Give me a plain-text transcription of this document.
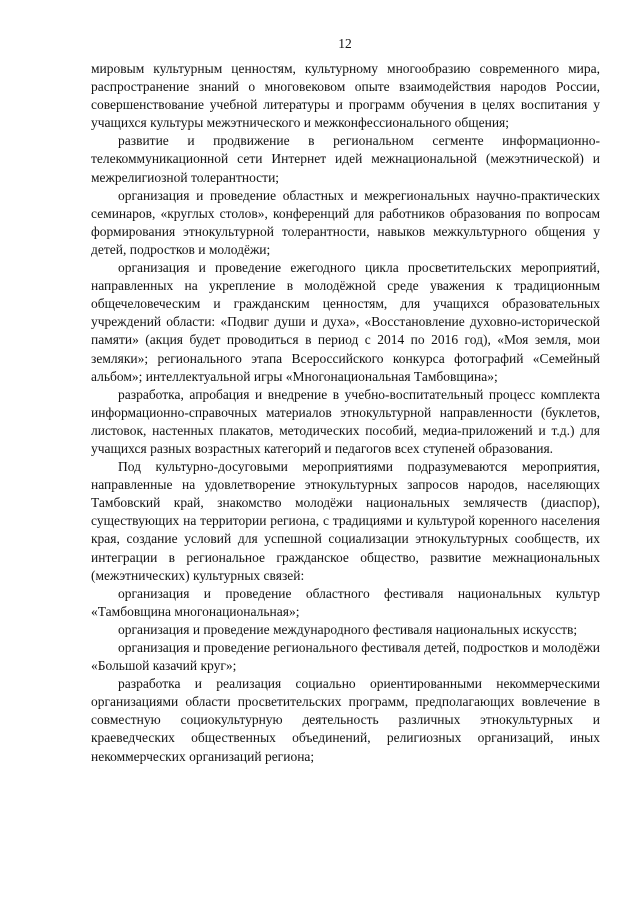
12

мировым культурным ценностям, культурному многообразию современного мира, распространение знаний о многовековом опыте взаимодействия народов России, совершенствование учебной литературы и программ обучения в целях воспитания у учащихся культуры межэтнического и межконфессионального общения;

развитие и продвижение в региональном сегменте информационно-телекоммуникационной сети Интернет идей межнациональной (межэтнической) и межрелигиозной толерантности;

организация и проведение областных и межрегиональных научно-практических семинаров, «круглых столов», конференций для работников образования по вопросам формирования этнокультурной толерантности, навыков межкультурного общения у детей, подростков и молодёжи;

организация и проведение ежегодного цикла просветительских мероприятий, направленных на укрепление в молодёжной среде уважения к традиционным общечеловеческим и гражданским ценностям, для учащихся образовательных учреждений области: «Подвиг души и духа», «Восстановление духовно-исторической памяти» (акция будет проводиться в период с 2014 по 2016 год), «Моя земля, мои земляки»; регионального этапа Всероссийского конкурса фотографий «Семейный альбом»; интеллектуальной игры «Многонациональная Тамбовщина»;

разработка, апробация и внедрение в учебно-воспитательный процесс комплекта информационно-справочных материалов этнокультурной направленности (буклетов, листовок, настенных плакатов, методических пособий, медиа-приложений и т.д.) для учащихся разных возрастных категорий и педагогов всех ступеней образования.

Под культурно-досуговыми мероприятиями подразумеваются мероприятия, направленные на удовлетворение этнокультурных запросов народов, населяющих Тамбовский край, знакомство молодёжи национальных землячеств (диаспор), существующих на территории региона, с традициями и культурой коренного населения края, создание условий для успешной социализации этнокультурных сообществ, их интеграции в региональное гражданское общество, развитие межнациональных (межэтнических) культурных связей:

организация и проведение областного фестиваля национальных культур «Тамбовщина многонациональная»;

организация и проведение международного фестиваля национальных искусств;

организация и проведение регионального фестиваля детей, подростков и молодёжи «Большой казачий круг»;

разработка и реализация социально ориентированными некоммерческими организациями области просветительских программ, предполагающих вовлечение в совместную социокультурную деятельность различных этнокультурных и краеведческих общественных объединений, религиозных организаций, иных некоммерческих организаций региона;
